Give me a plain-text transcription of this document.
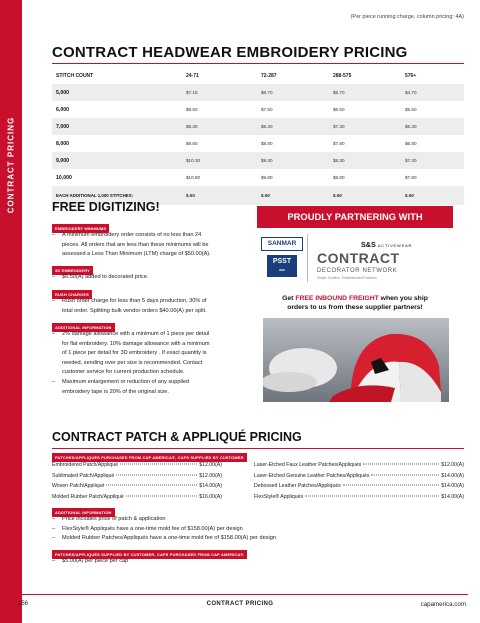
CONTRACT PRICING
(Per piece running charge, column pricing: 4A)
CONTRACT HEADWEAR EMBROIDERY PRICING
STITCH COUNT	24-71	72-287	288-575	576+
5,000	$7.15	$6.70	$5.70	$4.70
6,000	$8.50	$7.50	$6.50	$5.50
7,000	$9.30	$8.30	$7.30	$6.30
8,000	$9.80	$8.80	$7.80	$6.80
9,000	$10.30	$9.30	$8.30	$7.30
10,000	$10.80	$9.80	$8.80	$7.80
EACH ADDITIONAL 1,000 STITCHES:	$.60	$.60	$.60	$.60
FREE DIGITIZING!
EMBROIDERY MINIMUMS
– A minimum embroidery order consists of no less than 24
pieces. All orders that are less than these minimums will be
assessed a Less Than Minimum (LTM) charge of $50.00(A).
3D EMBROIDERY
– $6.50(A) added to decorated price.
RUSH CHARGES
– Rush order charge for less than 5 days production, 30% of
total order. Splitting bulk vendor orders $40.00(A) per split.
ADDITIONAL INFORMATION
– 2% damage allowance with a minimum of 1 piece per detail
for flat embroidery. 10% damage allowance with a minimum
of 1 piece per detail for 3D embroidery . If exact quantity is
needed, sending over per size is recommended. Contact
customer service for current production schedule.
– Maximum enlargement or reduction of any supplied
embroidery tape is 20% of the original size.
PROUDLY PARTNERING WITH
SANMAR
PSST
2022
S&S ACTIVEWEAR
CONTRACT
DECORATOR NETWORK
Simple Solution. Embellishment Partners
Get FREE INBOUND FREIGHT when you ship
orders to us from these supplier partners!
CONTRACT PATCH & APPLIQUÉ PRICING
PATCHES/APPLIQUÉS PURCHASED FROM CAP AMERICA®, CAPS SUPPLIED BY CUSTOMER
Embroidered Patch/Appliqué	$12.00(A)
Sublimated Patch/Appliqué	$12.00(A)
Woven Patch/Appliqué	$14.00(A)
Molded Rubber Patch/Appliqué	$16.00(A)
Laser-Etched Faux Leather Patches/Appliqués	$12.00(A)
Laser-Etched Genuine Leather Patches/Appliqués	$14.00(A)
Debossed Leather Patches/Appliqués	$14.00(A)
FlexStyle® Appliqués	$14.00(A)
ADDITIONAL INFORMATION
– Price includes price of patch & application
– FlexStyle® Appliqués have a one-time mold fee of $158.00(A) per design
– Molded Rubber Patches/Appliqués have a one-time mold fee of $158.00(A) per design
PATCHES/APPLIQUÉS SUPPLIED BY CUSTOMER, CAPS PURCHASED FROM CAP AMERICA®
– $5.00(A) per piece per cap
156	CONTRACT PRICING	capamerica.com
